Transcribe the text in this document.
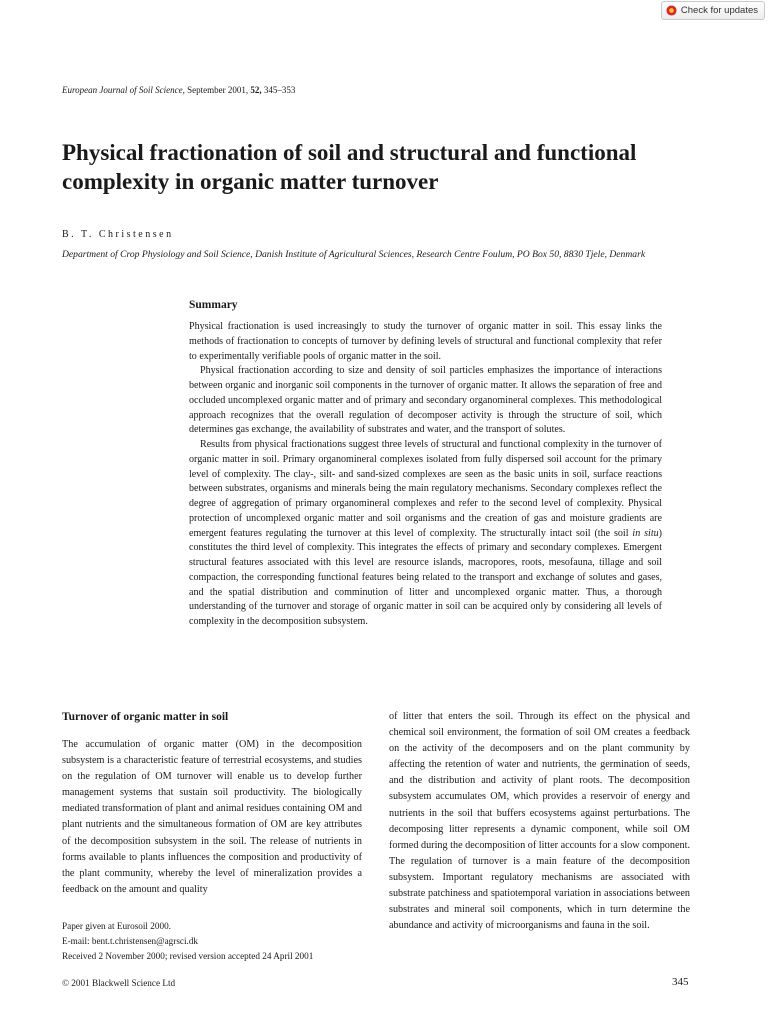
Check for updates
European Journal of Soil Science, September 2001, 52, 345–353
Physical fractionation of soil and structural and functional complexity in organic matter turnover
B. T. Christensen
Department of Crop Physiology and Soil Science, Danish Institute of Agricultural Sciences, Research Centre Foulum, PO Box 50, 8830 Tjele, Denmark
Summary

Physical fractionation is used increasingly to study the turnover of organic matter in soil. This essay links the methods of fractionation to concepts of turnover by defining levels of structural and functional complexity that refer to experimentally verifiable pools of organic matter in the soil.

Physical fractionation according to size and density of soil particles emphasizes the importance of interactions between organic and inorganic soil components in the turnover of organic matter. It allows the separation of free and occluded uncomplexed organic matter and of primary and secondary organomineral complexes. This methodological approach recognizes that the overall regulation of decomposer activity is through the structure of soil, which determines gas exchange, the availability of substrates and water, and the transport of solutes.

Results from physical fractionations suggest three levels of structural and functional complexity in the turnover of organic matter in soil. Primary organomineral complexes isolated from fully dispersed soil account for the primary level of complexity. The clay-, silt- and sand-sized complexes are seen as the basic units in soil, surface reactions between substrates, organisms and minerals being the main regulatory mechanisms. Secondary complexes reflect the degree of aggregation of primary organomineral complexes and refer to the second level of complexity. Physical protection of uncomplexed organic matter and soil organisms and the creation of gas and moisture gradients are emergent features regulating the turnover at this level of complexity. The structurally intact soil (the soil in situ) constitutes the third level of complexity. This integrates the effects of primary and secondary complexes. Emergent structural features associated with this level are resource islands, macropores, roots, mesofauna, tillage and soil compaction, the corresponding functional features being related to the transport and exchange of solutes and gases, and the spatial distribution and comminution of litter and uncomplexed organic matter. Thus, a thorough understanding of the turnover and storage of organic matter in soil can be acquired only by considering all levels of complexity in the decomposition subsystem.

Turnover of organic matter in soil

The accumulation of organic matter (OM) in the decomposition subsystem is a characteristic feature of terrestrial ecosystems, and studies on the regulation of OM turnover will enable us to develop further management systems that sustain soil productivity. The biologically mediated transformation of plant and animal residues containing OM and plant nutrients and the simultaneous formation of OM are key attributes of the decomposition subsystem in the soil. The release of nutrients in forms available to plants influences the composition and productivity of the plant community, whereby the level of mineralization provides a feedback on the amount and quality

of litter that enters the soil. Through its effect on the physical and chemical soil environment, the formation of soil OM creates a feedback on the activity of the decomposers and on the plant community by affecting the retention of water and nutrients, the germination of seeds, and the distribution and activity of plant roots. The decomposition subsystem accumulates OM, which provides a reservoir of energy and nutrients in the soil that buffers ecosystems against perturbations. The decomposing litter represents a dynamic component, while soil OM formed during the decomposition of litter accounts for a slow component. The regulation of turnover is a main feature of the decomposition subsystem. Important regulatory mechanisms are associated with substrate patchiness and spatiotemporal variation in associations between substrates and mineral soil components, which in turn determine the abundance and activity of microorganisms and fauna in the soil.

Paper given at Eurosoil 2000.
E-mail: bent.t.christensen@agrsci.dk
Received 2 November 2000; revised version accepted 24 April 2001
© 2001 Blackwell Science Ltd	345
